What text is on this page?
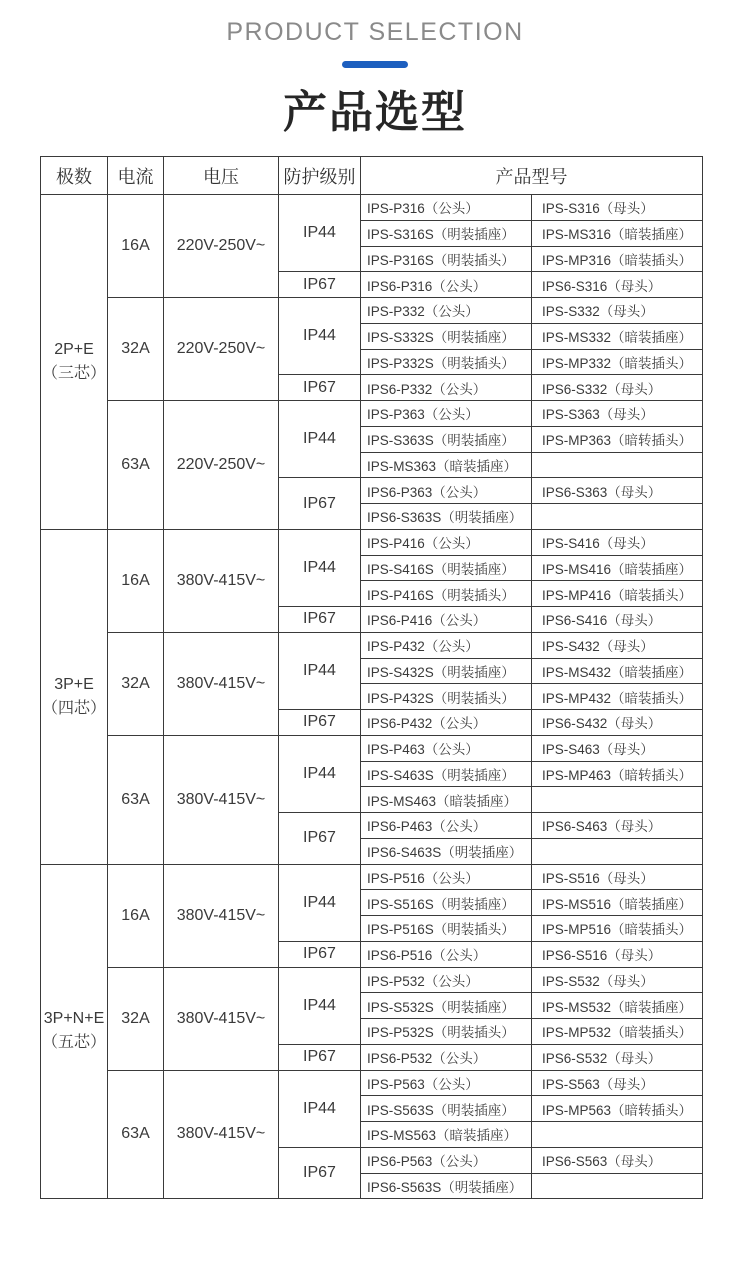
PRODUCT SELECTION
产品选型
极数	电流	电压	防护级别	产品型号	

2P+E
（三芯）	16A	220V-250V~	IP44	IPS-P316（公头）	IPS-S316（母头）
				IPS-S316S（明装插座）	IPS-MS316（暗装插座）
				IPS-P316S（明装插头）	IPS-MP316（暗装插头）
			IP67	IPS6-P316（公头）	IPS6-S316（母头）
	32A	220V-250V~	IP44	IPS-P332（公头）	IPS-S332（母头）
				IPS-S332S（明装插座）	IPS-MS332（暗装插座）
				IPS-P332S（明装插头）	IPS-MP332（暗装插头）
			IP67	IPS6-P332（公头）	IPS6-S332（母头）
	63A	220V-250V~	IP44	IPS-P363（公头）	IPS-S363（母头）
				IPS-S363S（明装插座）	IPS-MP363（暗转插头）
				IPS-MS363（暗装插座）	
			IP67	IPS6-P363（公头）	IPS6-S363（母头）
				IPS6-S363S（明装插座）	

3P+E
（四芯）	16A	380V-415V~	IP44	IPS-P416（公头）	IPS-S416（母头）
				IPS-S416S（明装插座）	IPS-MS416（暗装插座）
				IPS-P416S（明装插头）	IPS-MP416（暗装插头）
			IP67	IPS6-P416（公头）	IPS6-S416（母头）
	32A	380V-415V~	IP44	IPS-P432（公头）	IPS-S432（母头）
				IPS-S432S（明装插座）	IPS-MS432（暗装插座）
				IPS-P432S（明装插头）	IPS-MP432（暗装插头）
			IP67	IPS6-P432（公头）	IPS6-S432（母头）
	63A	380V-415V~	IP44	IPS-P463（公头）	IPS-S463（母头）
				IPS-S463S（明装插座）	IPS-MP463（暗转插头）
				IPS-MS463（暗装插座）	
			IP67	IPS6-P463（公头）	IPS6-S463（母头）
				IPS6-S463S（明装插座）	

3P+N+E
（五芯）	16A	380V-415V~	IP44	IPS-P516（公头）	IPS-S516（母头）
				IPS-S516S（明装插座）	IPS-MS516（暗装插座）
				IPS-P516S（明装插头）	IPS-MP516（暗装插头）
			IP67	IPS6-P516（公头）	IPS6-S516（母头）
	32A	380V-415V~	IP44	IPS-P532（公头）	IPS-S532（母头）
				IPS-S532S（明装插座）	IPS-MS532（暗装插座）
				IPS-P532S（明装插头）	IPS-MP532（暗装插头）
			IP67	IPS6-P532（公头）	IPS6-S532（母头）
	63A	380V-415V~	IP44	IPS-P563（公头）	IPS-S563（母头）
				IPS-S563S（明装插座）	IPS-MP563（暗转插头）
				IPS-MS563（暗装插座）	
			IP67	IPS6-P563（公头）	IPS6-S563（母头）
				IPS6-S563S（明装插座）	
